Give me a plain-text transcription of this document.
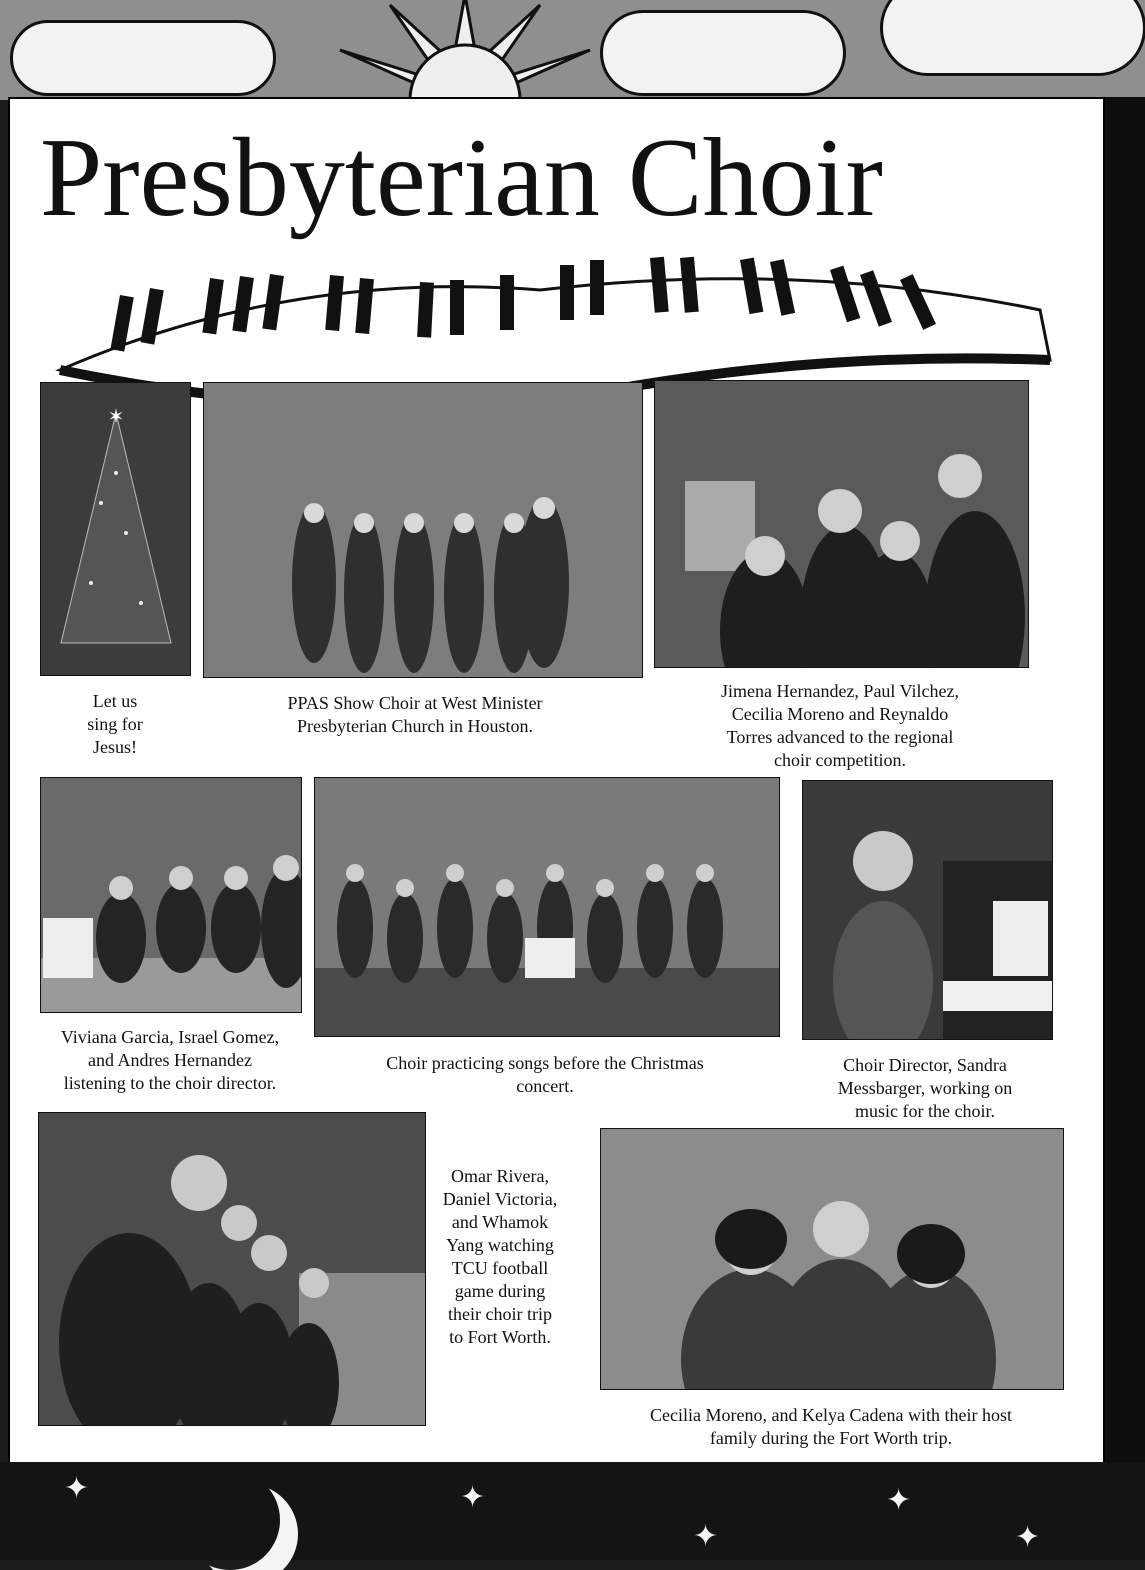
Presbyterian Choir
✶
Let us
sing for
Jesus!
PPAS Show Choir at West Minister
Presbyterian Church in Houston.
Jimena Hernandez, Paul Vilchez,
Cecilia Moreno and Reynaldo
Torres advanced to the regional
choir competition.
Viviana Garcia, Israel Gomez,
and Andres Hernandez
listening to the choir director.
Choir practicing songs before the Christmas
concert.
Choir Director, Sandra
Messbarger, working on
music for the choir.
Omar Rivera,
Daniel Victoria,
and Whamok
Yang watching
TCU football
game during
their choir trip
to Fort Worth.
Cecilia Moreno, and Kelya Cadena with their host
family during the Fort Worth trip.
✦	✦	✦
✦	✦
